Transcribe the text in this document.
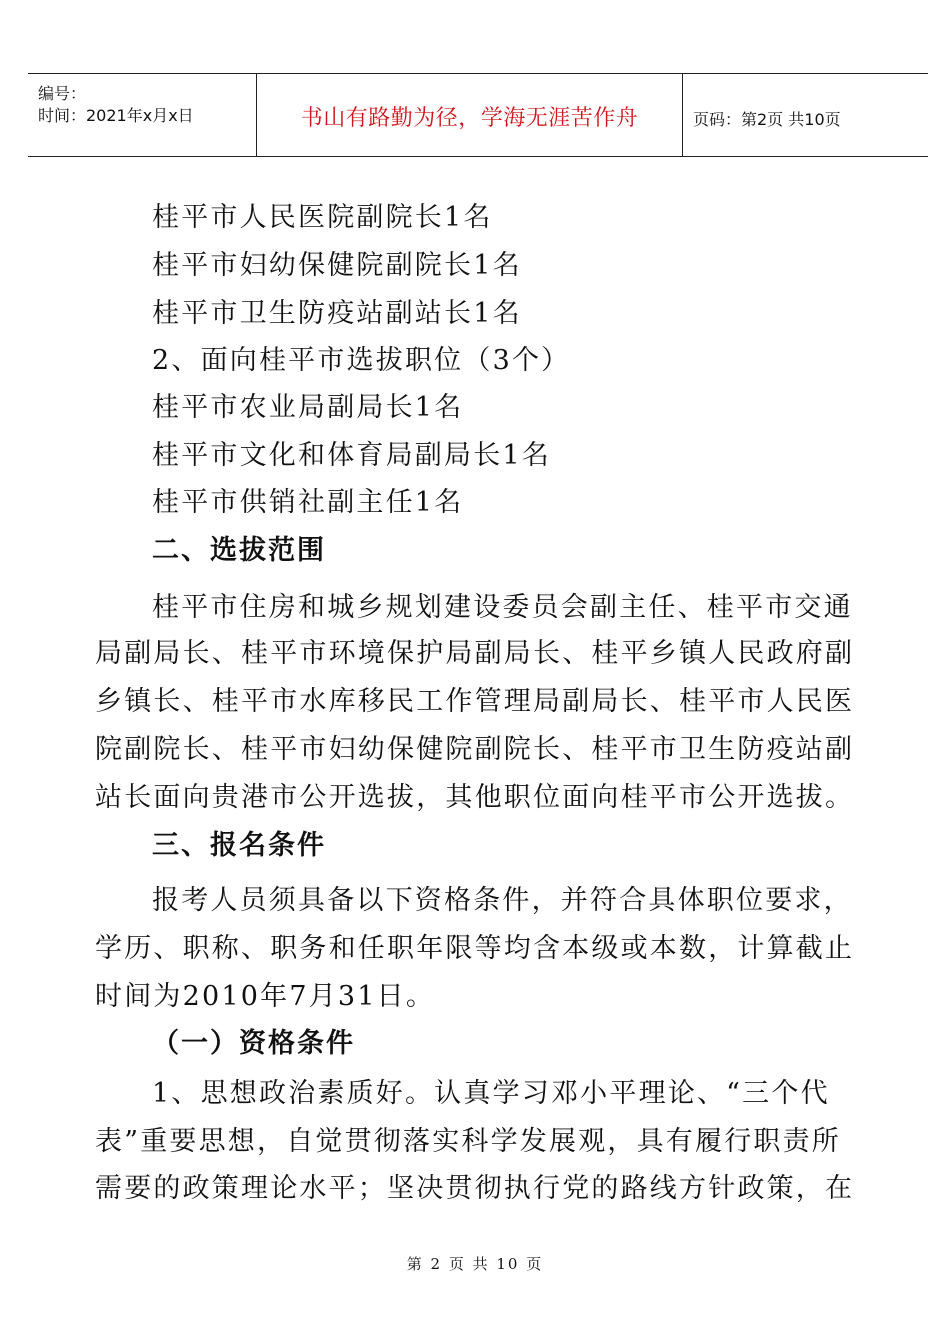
编号：
时间：2021年x月x日	书山有路勤为径，学海无涯苦作舟	页码：第2页 共10页
桂平市人民医院副院长1名
桂平市妇幼保健院副院长1名
桂平市卫生防疫站副站长1名
2、面向桂平市选拔职位（3个）
桂平市农业局副局长1名
桂平市文化和体育局副局长1名
桂平市供销社副主任1名
二、选拔范围
桂平市住房和城乡规划建设委员会副主任、桂平市交通
局副局长、桂平市环境保护局副局长、桂平乡镇人民政府副
乡镇长、桂平市水库移民工作管理局副局长、桂平市人民医
院副院长、桂平市妇幼保健院副院长、桂平市卫生防疫站副
站长面向贵港市公开选拔，其他职位面向桂平市公开选拔。
三、报名条件
报考人员须具备以下资格条件，并符合具体职位要求，
学历、职称、职务和任职年限等均含本级或本数，计算截止
时间为2010年7月31日。
（一）资格条件
1、思想政治素质好。认真学习邓小平理论、“三个代
表”重要思想，自觉贯彻落实科学发展观，具有履行职责所
需要的政策理论水平；坚决贯彻执行党的路线方针政策，在
第 2 页 共 10 页
